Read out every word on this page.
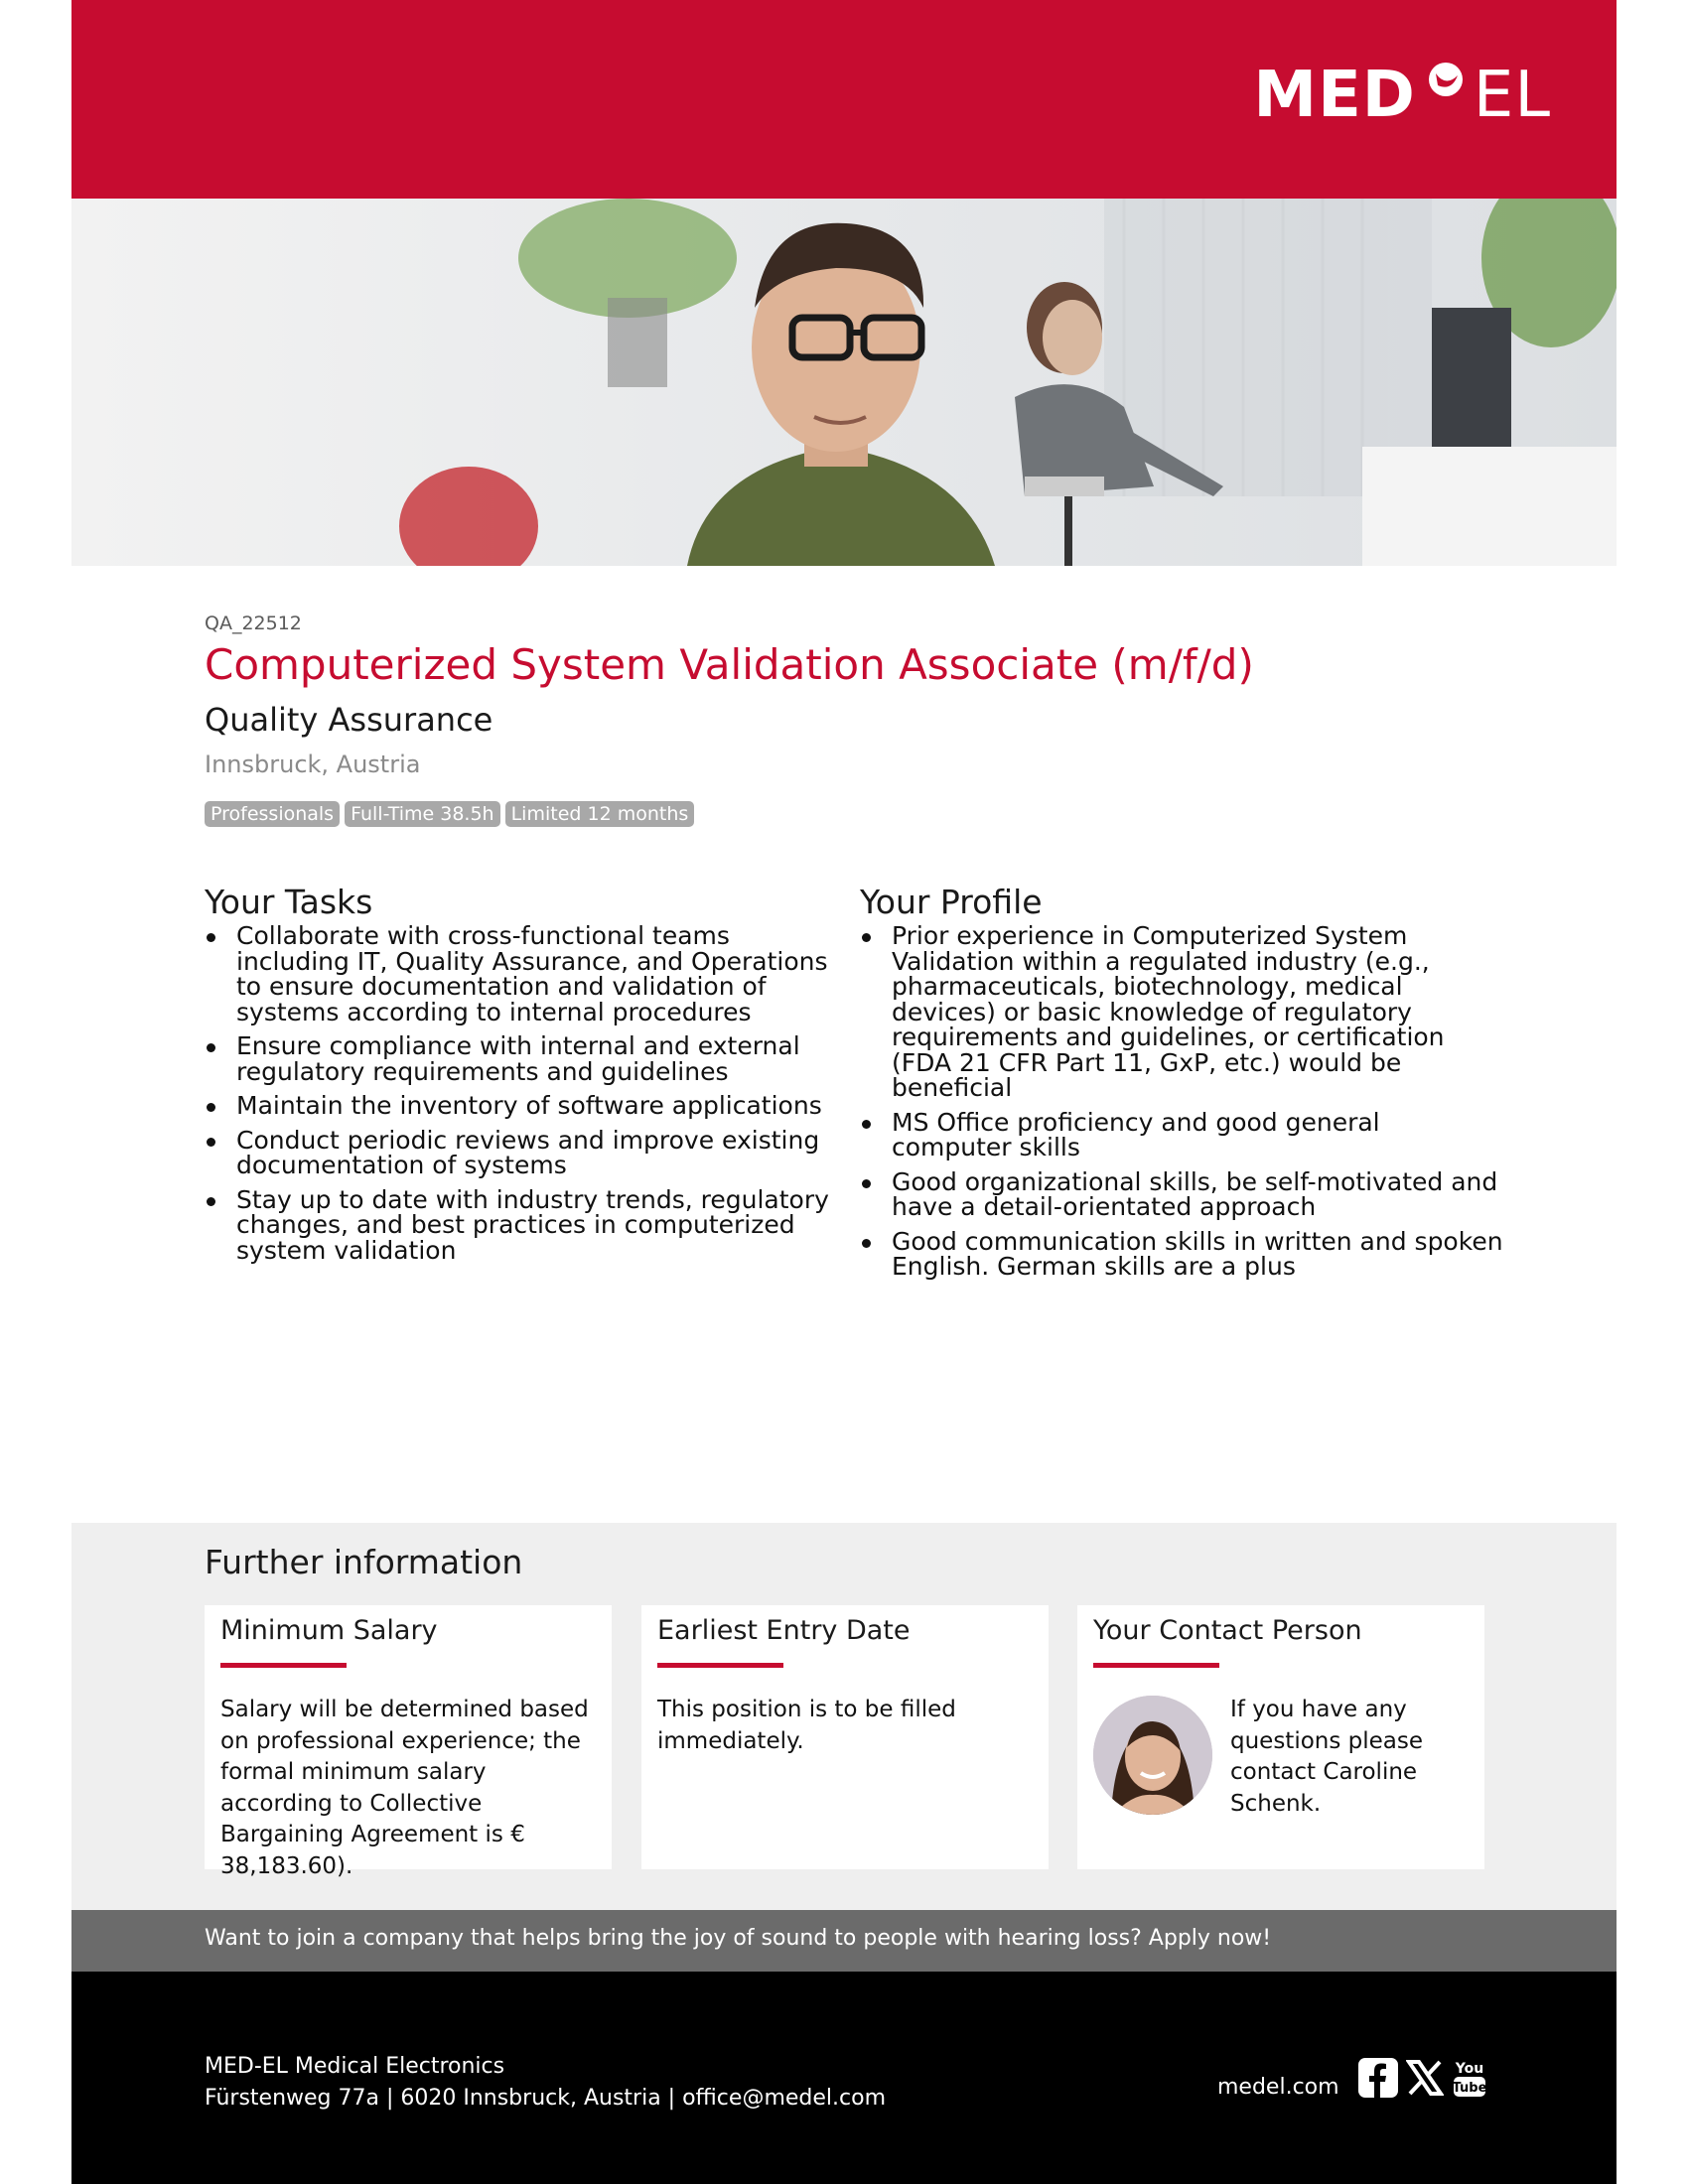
MED EL
QA_22512
Computerized System Validation Associate (m/f/d)
Quality Assurance
Innsbruck, Austria
Professionals Full-Time 38.5h Limited 12 months
Your Tasks
Collaborate with cross-functional teams including IT, Quality Assurance, and Operations to ensure documentation and validation of systems according to internal procedures
Ensure compliance with internal and external regulatory requirements and guidelines
Maintain the inventory of software applications
Conduct periodic reviews and improve existing documentation of systems
Stay up to date with industry trends, regulatory changes, and best practices in computerized system validation
Your Profile
Prior experience in Computerized System Validation within a regulated industry (e.g., pharmaceuticals, biotechnology, medical devices) or basic knowledge of regulatory requirements and guidelines, or certification (FDA 21 CFR Part 11, GxP, etc.) would be beneficial
MS Office proficiency and good general computer skills
Good organizational skills, be self-motivated and have a detail-orientated approach
Good communication skills in written and spoken English. German skills are a plus
Further information
Minimum Salary
Salary will be determined based on professional experience; the formal minimum salary according to Collective Bargaining Agreement is € 38,183.60).
Earliest Entry Date
This position is to be filled immediately.
Your Contact Person
If you have any questions please contact Caroline Schenk.
Want to join a company that helps bring the joy of sound to people with hearing loss? Apply now!
MED-EL Medical Electronics
Fürstenweg 77a | 6020 Innsbruck, Austria | office@medel.com	medel.com
You
Tube
